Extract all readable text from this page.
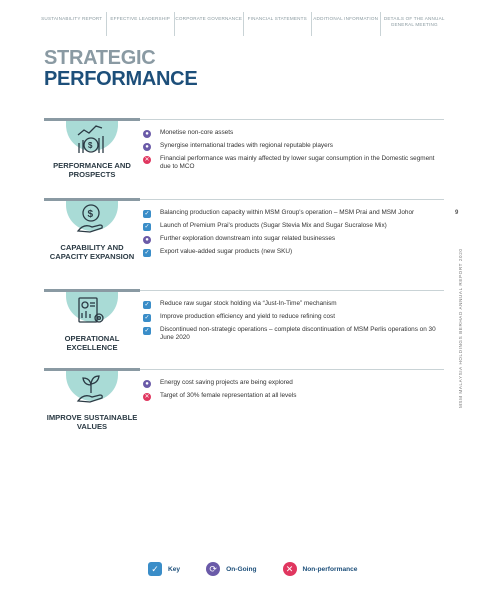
SUSTAINABILITY REPORT	EFFECTIVE LEADERSHIP	CORPORATE GOVERNANCE	FINANCIAL STATEMENTS	ADDITIONAL INFORMATION	DETAILS OF THE ANNUAL GENERAL MEETING
STRATEGIC
PERFORMANCE
$
PERFORMANCE AND PROSPECTS
●	Monetise non-core assets
●	Synergise international trades with regional reputable players
✕ Financial performance was mainly affected by lower sugar consumption in the Domestic segment due to MCO
$
CAPABILITY AND CAPACITY EXPANSION
✓ Balancing production capacity within MSM Group's operation – MSM Prai and MSM Johor
✓ Launch of Premium Prai's products (Sugar Stevia Mix and Sugar Sucralose Mix)
●	Further exploration downstream into sugar related businesses
✓ Export value-added sugar products (new SKU)
OPERATIONAL EXCELLENCE
✓ Reduce raw sugar stock holding via “Just-In-Time” mechanism
✓ Improve production efficiency and yield to reduce refining cost
✓ Discontinued non-strategic operations – complete discontinuation of MSM Perlis operations on 30 June 2020
IMPROVE SUSTAINABLE VALUES
●	Energy cost saving projects are being explored
✕ Target of 30% female representation at all levels
9
MSM MALAYSIA HOLDINGS BERHAD ANNUAL REPORT 2020
✓	Key	⟳	On-Going	✕	Non-performance
